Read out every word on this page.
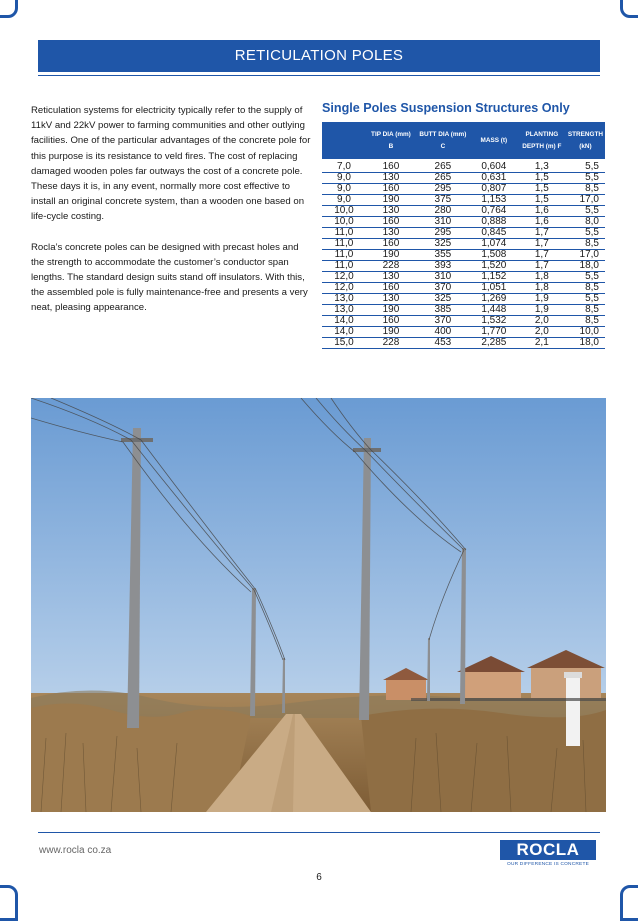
RETICULATION POLES

Reticulation systems for electricity typically refer to the supply of 11kV and 22kV power to farming communities and other outlying facilities. One of the particular advantages of the concrete pole for this purpose is its resistance to veld fires. The cost of replacing damaged wooden poles far outways the cost of a concrete pole. These days it is, in any event, normally more cost effective to install an original concrete system, than a wooden one based on life-cycle costing.

Rocla’s concrete poles can be designed with precast holes and the strength to accommodate the customer’s conductor span lengths. The standard design suits stand off insulators. With this, the assembled pole is fully maintenance-free and presents a very neat, pleasing appearance.

Single Poles Suspension Structures Only
	TIP DIA (mm) B	BUTT DIA (mm) C	MASS (t)	PLANTING DEPTH (m) F	STRENGTH (kN)
7,0	160	265	0,604	1,3	5,5
9,0	130	265	0,631	1,5	5,5
9,0	160	295	0,807	1,5	8,5
9,0	190	375	1,153	1,5	17,0
10,0	130	280	0,764	1,6	5,5
10,0	160	310	0,888	1,6	8,0
11,0	130	295	0,845	1,7	5,5
11,0	160	325	1,074	1,7	8,5
11,0	190	355	1,508	1,7	17,0
11,0	228	393	1,520	1,7	18,0
12,0	130	310	1,152	1,8	5,5
12,0	160	370	1,051	1,8	8,5
13,0	130	325	1,269	1,9	5,5
13,0	190	385	1,448	1,9	8,5
14,0	160	370	1,532	2,0	8,5
14,0	190	400	1,770	2,0	10,0
15,0	228	453	2,285	2,1	18,0
www.rocla co.za	ROCLA
OUR DIFFERENCE IS CONCRETE
6
